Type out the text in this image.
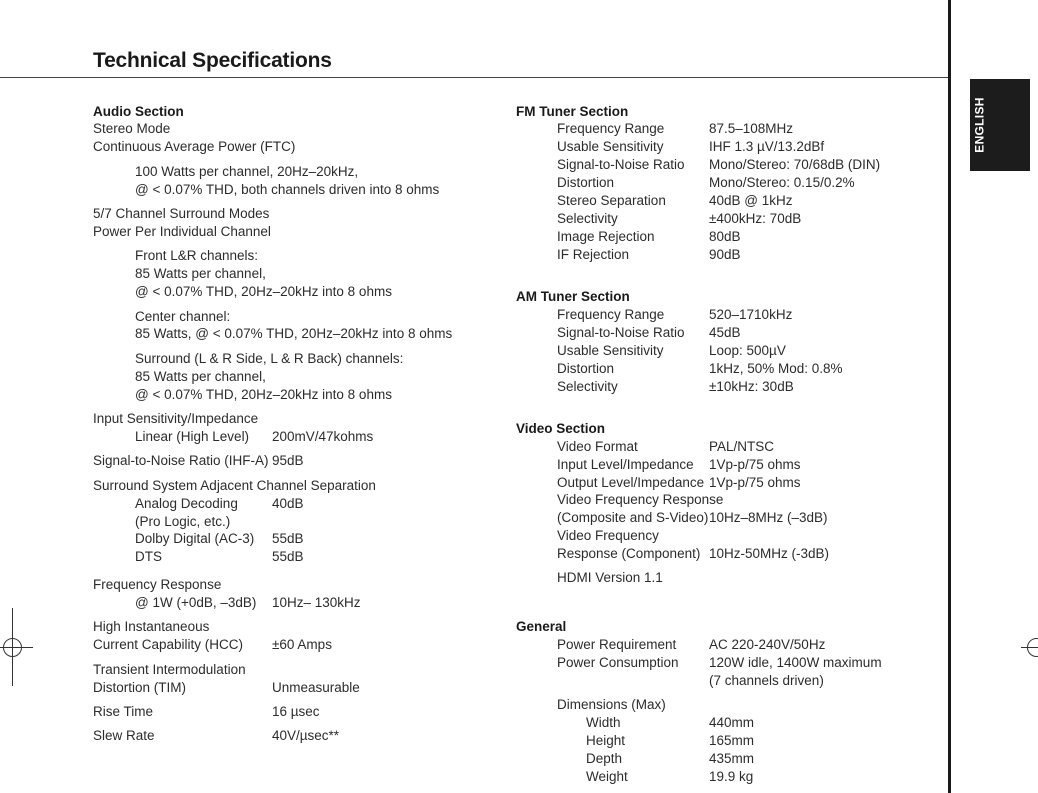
Technical Specifications
ENGLISH
Audio Section
Stereo Mode
Continuous Average Power (FTC)
100 Watts per channel, 20Hz–20kHz,
@ < 0.07% THD, both channels driven into 8 ohms
5/7 Channel Surround Modes
Power Per Individual Channel
Front L&R channels:
85 Watts per channel,
@ < 0.07% THD, 20Hz–20kHz into 8 ohms
Center channel:
85 Watts, @ < 0.07% THD, 20Hz–20kHz into 8 ohms
Surround (L & R Side, L & R Back) channels:
85 Watts per channel,
@ < 0.07% THD, 20Hz–20kHz into 8 ohms
Input Sensitivity/Impedance
Linear (High Level) 200mV/47kohms
Signal-to-Noise Ratio (IHF-A) 95dB
Surround System Adjacent Channel Separation
Analog Decoding	40dB
(Pro Logic, etc.)
Dolby Digital (AC-3) 55dB
DTS	55dB
Frequency Response
@ 1W (+0dB, –3dB) 10Hz– 130kHz
High Instantaneous
Current Capability (HCC) ±60 Amps
Transient Intermodulation
Distortion (TIM)	Unmeasurable
Rise Time	16 µsec
Slew Rate	40V/µsec**
FM Tuner Section
Frequency Range	87.5–108MHz
Usable Sensitivity	IHF 1.3 µV/13.2dBf
Signal-to-Noise Ratio Mono/Stereo: 70/68dB (DIN)
Distortion	Mono/Stereo: 0.15/0.2%
Stereo Separation	40dB @ 1kHz
Selectivity	±400kHz: 70dB
Image Rejection	80dB
IF Rejection	90dB
AM Tuner Section
Frequency Range	520–1710kHz
Signal-to-Noise Ratio 45dB
Usable Sensitivity	Loop: 500µV
Distortion	1kHz, 50% Mod: 0.8%
Selectivity	±10kHz: 30dB
Video Section
Video Format	PAL/NTSC
Input Level/Impedance 1Vp-p/75 ohms
Output Level/Impedance 1Vp-p/75 ohms
Video Frequency Response
(Composite and S-Video) 10Hz–8MHz (–3dB)
Video Frequency
Response (Component) 10Hz-50MHz (-3dB)
HDMI Version 1.1
General
Power Requirement AC 220-240V/50Hz
Power Consumption 120W idle, 1400W maximum
(7 channels driven)
Dimensions (Max)
Width	440mm
Height	165mm
Depth	435mm
Weight	19.9 kg
